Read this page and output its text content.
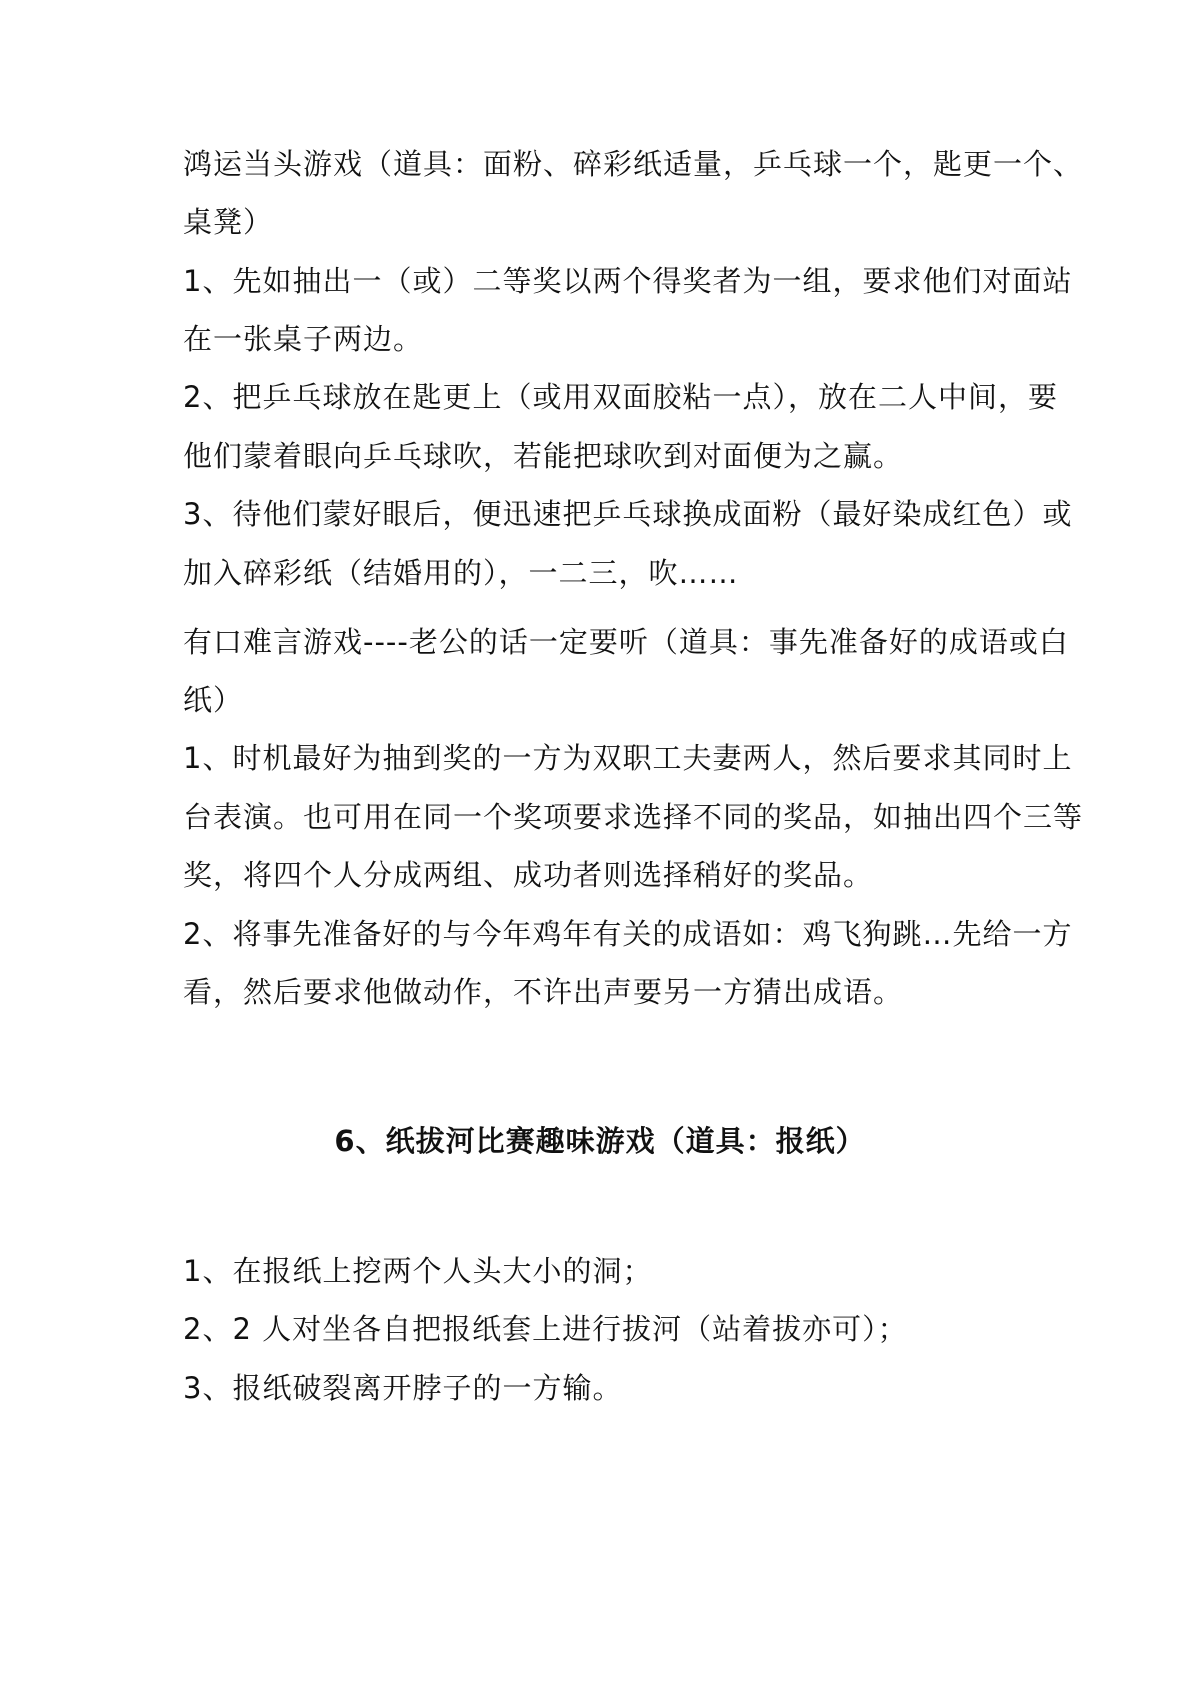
鸿运当头游戏（道具：面粉、碎彩纸适量，乒乓球一个，匙更一个、
桌凳）
1、先如抽出一（或）二等奖以两个得奖者为一组，要求他们对面站
在一张桌子两边。
2、把乒乓球放在匙更上（或用双面胶粘一点），放在二人中间，要
他们蒙着眼向乒乓球吹，若能把球吹到对面便为之赢。
3、待他们蒙好眼后，便迅速把乒乓球换成面粉（最好染成红色）或
加入碎彩纸（结婚用的），一二三，吹……
有口难言游戏----老公的话一定要听（道具：事先准备好的成语或白
纸）
1、时机最好为抽到奖的一方为双职工夫妻两人，然后要求其同时上
台表演。也可用在同一个奖项要求选择不同的奖品，如抽出四个三等
奖，将四个人分成两组、成功者则选择稍好的奖品。
2、将事先准备好的与今年鸡年有关的成语如：鸡飞狗跳…先给一方
看，然后要求他做动作，不许出声要另一方猜出成语。
6、纸拔河比赛趣味游戏（道具：报纸）
1、在报纸上挖两个人头大小的洞；
2、2 人对坐各自把报纸套上进行拔河（站着拔亦可）；
3、报纸破裂离开脖子的一方输。
